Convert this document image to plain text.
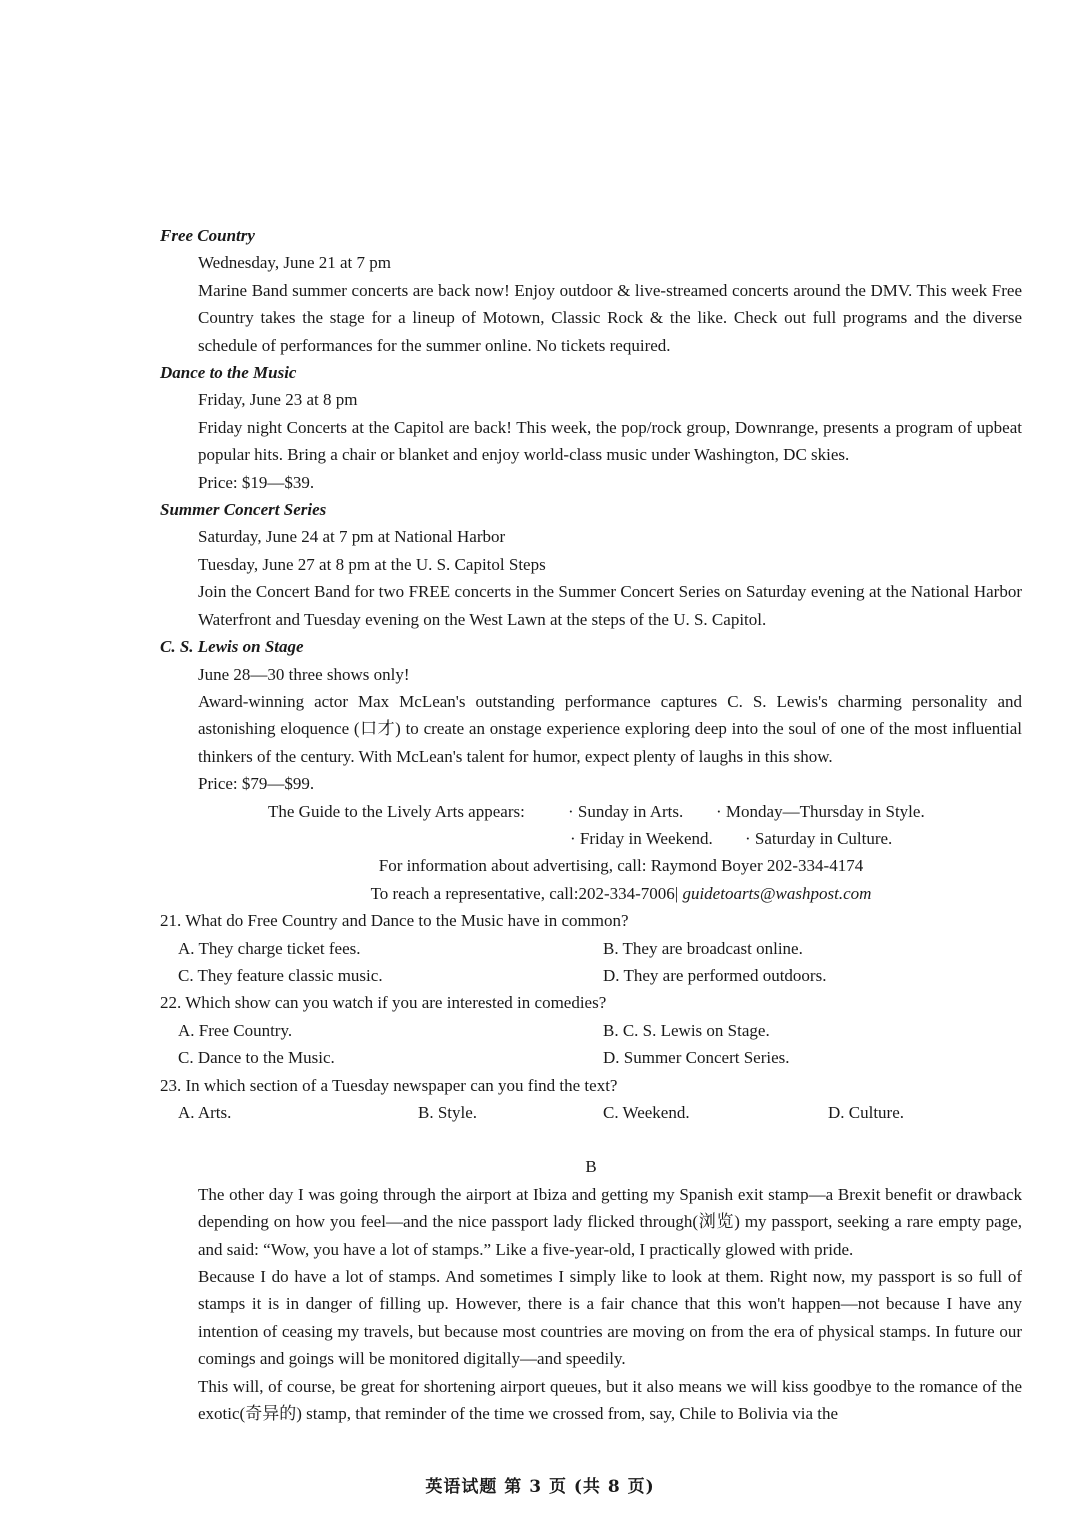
Free Country
Wednesday, June 21 at 7 pm
Marine Band summer concerts are back now! Enjoy outdoor & live-streamed concerts around the DMV. This week Free Country takes the stage for a lineup of Motown, Classic Rock & the like. Check out full programs and the diverse schedule of performances for the summer online. No tickets required.
Dance to the Music
Friday, June 23 at 8 pm
Friday night Concerts at the Capitol are back! This week, the pop/rock group, Downrange, presents a program of upbeat popular hits. Bring a chair or blanket and enjoy world-class music under Washington, DC skies.
Price: $19—$39.
Summer Concert Series
Saturday, June 24 at 7 pm at National Harbor
Tuesday, June 27 at 8 pm at the U. S. Capitol Steps
Join the Concert Band for two FREE concerts in the Summer Concert Series on Saturday evening at the National Harbor Waterfront and Tuesday evening on the West Lawn at the steps of the U. S. Capitol.
C. S. Lewis on Stage
June 28—30 three shows only!
Award-winning actor Max McLean's outstanding performance captures C. S. Lewis's charming personality and astonishing eloquence (口才) to create an onstage experience exploring deep into the soul of one of the most influential thinkers of the century. With McLean's talent for humor, expect plenty of laughs in this show.
Price: $79—$99.
The Guide to the Lively Arts appears:	· Sunday in Arts. · Monday—Thursday in Style.
· Friday in Weekend. · Saturday in Culture.
For information about advertising, call: Raymond Boyer 202-334-4174
To reach a representative, call:202-334-7006| guidetoarts@washpost.com
21. What do Free Country and Dance to the Music have in common?
A. They charge ticket fees.	B. They are broadcast online.
C. They feature classic music.	D. They are performed outdoors.
22. Which show can you watch if you are interested in comedies?
A. Free Country.	B. C. S. Lewis on Stage.
C. Dance to the Music.	D. Summer Concert Series.
23. In which section of a Tuesday newspaper can you find the text?
A. Arts.	B. Style.	C. Weekend.	D. Culture.
B
The other day I was going through the airport at Ibiza and getting my Spanish exit stamp—a Brexit benefit or drawback depending on how you feel—and the nice passport lady flicked through(浏览) my passport, seeking a rare empty page, and said: “Wow, you have a lot of stamps.” Like a five-year-old, I practically glowed with pride.
Because I do have a lot of stamps. And sometimes I simply like to look at them. Right now, my passport is so full of stamps it is in danger of filling up. However, there is a fair chance that this won't happen—not because I have any intention of ceasing my travels, but because most countries are moving on from the era of physical stamps. In future our comings and goings will be monitored digitally—and speedily.
This will, of course, be great for shortening airport queues, but it also means we will kiss goodbye to the romance of the exotic(奇异的) stamp, that reminder of the time we crossed from, say, Chile to Bolivia via the
英语试题 第 3 页 (共 8 页)
